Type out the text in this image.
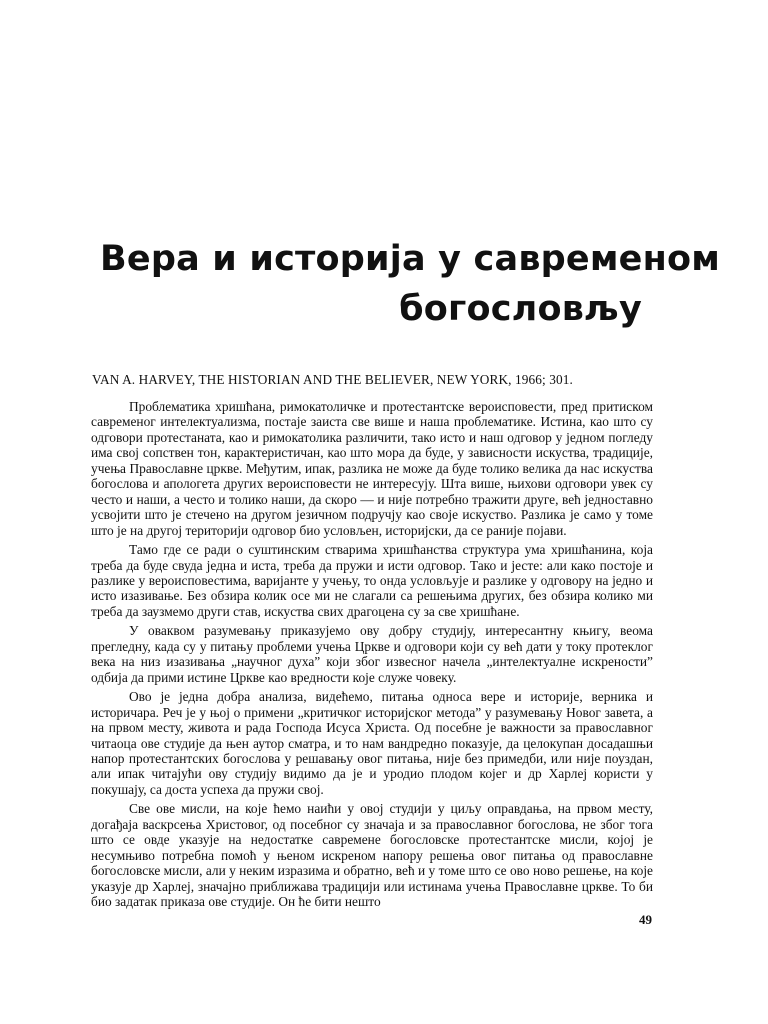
Вера и историја у савременом
богословљу
VAN A. HARVEY, THE HISTORIAN AND THE BELIEVER, NEW YORK, 1966; 301.

Проблематика хришћана, римокатоличке и протестантске вероисповести, пред притиском савременог интелектуализма, постаје заиста све више и наша проблематике. Истина, као што су одговори протестаната, као и римокатолика различити, тако исто и наш одговор у једном погледу има свој сопствен тон, карактеристичан, као што мора да буде, у зависности искуства, традиције, учења Православне цркве. Међутим, ипак, разлика не може да буде толико велика да нас искуства богослова и апологета других вероисповести не интересују. Шта више, њихови одговори увек су често и наши, а често и толико наши, да скоро — и није потребно тражити друге, већ једноставно усвојити што је стечено на другом језичном подручју као своје искуство. Разлика је само у томе што је на другој територији одговор био условљен, историјски, да се раније појави.

Тамо где се ради о суштинским стварима хришћанства структура ума хришћанина, која треба да буде свуда једна и иста, треба да пружи и исти одговор. Тако и јесте: али како постоје и разлике у вероисповестима, варијанте у учењу, то онда условљује и разлике у одговору на једно и исто изазивање. Без обзира колик осе ми не слагали са решењима других, без обзира колико ми треба да заузмемо други став, искуства свих драгоцена су за све хришћане.

У оваквом разумевању приказујемо ову добру студију, интересантну књигу, веома прегледну, када су у питању проблеми учења Цркве и одговори који су већ дати у току протеклог века на низ изазивања „научног духа” који због извесног начела „интелектуалне искрености” одбија да прими истине Цркве као вредности које служе човеку.

Ово је једна добра анализа, видећемо, питања односа вере и историје, верника и историчара. Реч је у њој о примени „критичког историјског метода” у разумевању Новог завета, а на првом месту, живота и рада Господа Исуса Христа. Од посебне је важности за православног читаоца ове студије да њен аутор сматра, и то нам вандредно показује, да целокупан досадашњи напор протестантских богослова у решавању овог питања, није без примедби, или није поуздан, али ипак читајући ову студију видимо да је и уродио плодом којег и др Харлеј користи у покушају, са доста успеха да пружи свој.

Све ове мисли, на које ћемо наићи у овој студији у циљу оправдања, на првом месту, догађаја васкрсења Христовог, од посебног су значаја и за православног богослова, не због тога што се овде указује на недостатке савремене богословске протестантске мисли, којој је несумњиво потребна помоћ у њеном искреном напору решења овог питања од православне богословске мисли, али у неким изразима и обратно, већ и у томе што се ово ново решење, на које указује др Харлеј, значајно приближава традицији или истинама учења Православне цркве. То би био задатак приказа ове студије. Он ће бити нешто

49
